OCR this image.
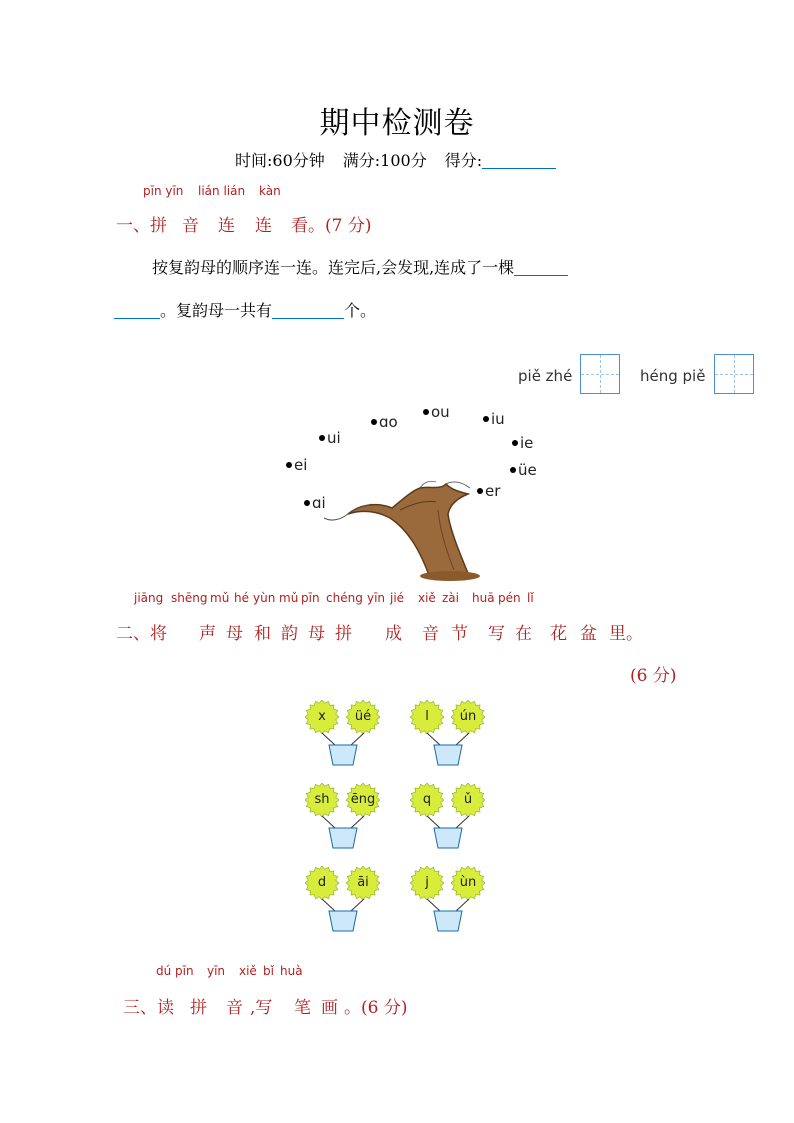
期中检测卷
时间:60分钟 满分:100分 得分:
pīn yīn lián lián kàn
一、拼 音 连 连 看。(7 分)
按复韵母的顺序连一连。连完后,会发现,连成了一棵
。复韵母一共有	个。
piě zhé	héng piě
ɑi
ei
ui
ɑo
ou	iu
ie
üe
er
jiāng shēng mǔ hé yùn mǔ pīn chéng yīn jié xiě zài huā pén lǐ
二、将 声 母 和 韵 母 拼 成 音 节 写 在 花 盆 里。
(6 分)
x	üé	l	ún
sh	ēng	q	ǔ
d	āi	j	ùn
dú pīn yīn xiě bǐ huà
三、读 拼 音 ,写 笔 画 。(6 分)
